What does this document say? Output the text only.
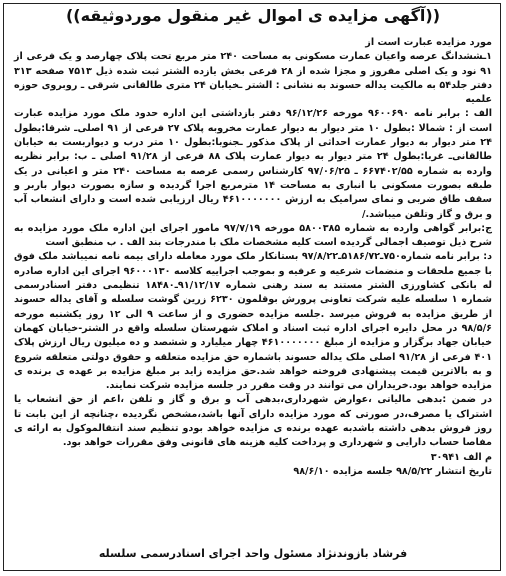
((آگهی مزایده ی اموال غیر منقول موردوثیقه))

مورد مزایده عبارت است از

۱ـششدانگ عرصه واعیان عمارت مسکونی به مساحت ۲۴۰ متر مربع تحت پلاک چهارصد و یک فرعی از ۹۱ نود و یک اصلی مفروز و مجزا شده از ۲۸ فرعی بخش یازده الشتر ثبت شده ذیل ۷۵۱۳ صفحه ۳۱۳ دفتر جلد۵۴ به مالکیت یداله حسوند به نشانی : الشتر ـخیابان ۲۴ متری طالقانی شرقی ـ روبروی حوزه علمیه

الف : برابر نامه ۹۶۰۰۶۹۰ مورخه ۹۶/۱۲/۲۶ دفتر بازداشتی این اداره حدود ملک مورد مزایده عبارت است از : شمالا :بطول ۱۰ متر دیوار به دیوار عمارت مخروبه پلاک ۲۷ فرعی از ۹۱ اصلی‌ـ شرقا:بطول ۲۴ متر دیوار به دیوار عمارت احداثی از پلاک مذکور ـجنوبا:بطول ۱۰ متر درب و دیواربست به خیابان طالقانی‌ـ غربا:بطول ۲۴ متر دیوار به دیوار عمارت پلاک ۸۸ فرعی از ۹۱/۲۸ اصلی ـ ب: برابر نظریه وارده به شماره ۶۶۷۴۰۲/۵۵ ـ ۹۷/۰۶/۲۵ کارشناس رسمی عرصه به مساحت ۲۴۰ متر و اعیانی در یک طبقه بصورت مسکونی با انباری به مساحت ۱۴ مترمربع اجرا گردیده و سازه بصورت دیوار باربر و سقف طاق ضربی و نمای سرامیک به ارزش ۴۶۱۰۰۰۰۰۰۰ ریال ارزیابی شده است و دارای انشعاب آب و برق و گاز وتلفن میباشد./

ج:برابر گواهی وارده به شماره ۵۸۰۰۳۸۵ مورخه ۹۷/۷/۱۹ مامور اجرای این اداره ملک مورد مزایده به شرح ذیل توصیف اجمالی گردیده است کلیه مشخصات ملک با مندرجات بند الف . ب منطبق است

د: برابر نامه شماره۷۵۰ـ۵۱۸۶/۷۲ـ۹۷/۸/۲۲ بستانکار ملک مورد معامله دارای بیمه نامه نمیباشد ملک فوق با جمیع ملحقات و منضمات شرعیه و عرفیه و بموجب اجراییه کلاسه ۹۶۰۰۰۱۳۰ اجرای این اداره صادره له بانکی کشاورزی الشتر مستند به سند رهنی شماره ۹۱/۱۲/۱۷ـ۱۸۴۸۰ تنظیمی دفتر اسنادرسمی شماره ۱ سلسله علیه شرکت تعاونی پرورش بوقلمون ۶۲۳۰ زرین گوشت سلسله و آقای یداله حسوند از طریق مزایده به فروش میرسد .جلسه مزایده حضوری و از ساعت ۹ الی ۱۲ روز یکشنبه مورخه ۹۸/۵/۶ در محل دایره اجرای اداره ثبت اسناد و املاک شهرستان سلسله واقع در الشتر-خیابان کهمان خیابان جهاد برگزار و مزایده از مبلغ ۴۶۱۰۰۰۰۰۰۰ چهار میلیارد و ششصد و ده میلیون ریال ارزش پلاک ۴۰۱ فرعی از ۹۱/۲۸ اصلی ملک یداله حسوند باشماره حق مزایده متعلقه و حقوق دولتی متعلقه شروع و به بالاترین قیمت پیشنهادی فروخته خواهد شد.حق مزایده زاید بر مبلغ مزایده بر عهده ی برنده ی مزایده خواهد بود.خریداران می توانند در وقت مقرر در جلسه مزایده شرکت نمایند.

در ضمن :بدهی مالیاتی ،عوارض شهرداری،بدهی آب و برق و گاز و تلفن ،اعم از حق انشعاب یا اشتراک یا مصرف،در صورتی که مورد مزایده دارای آنها باشد،مشخص نگردیده ،چنانچه از این بابت تا روز فروش بدهی داشته باشدبه عهده برنده ی مزایده خواهد بودو تنظیم سند انتقالموکول به ارائه ی مفاصا حساب دارایی و شهرداری و پرداخت کلیه هزینه های قانونی وفق مقررات خواهد بود.

م الف ۳۰۹۴۱

تاریخ انتشار ۹۸/۵/۲۲ جلسه مزایده ۹۸/۶/۱۰

فرشاد بازوندنژاد مسئول واحد اجرای اسنادرسمی سلسله
